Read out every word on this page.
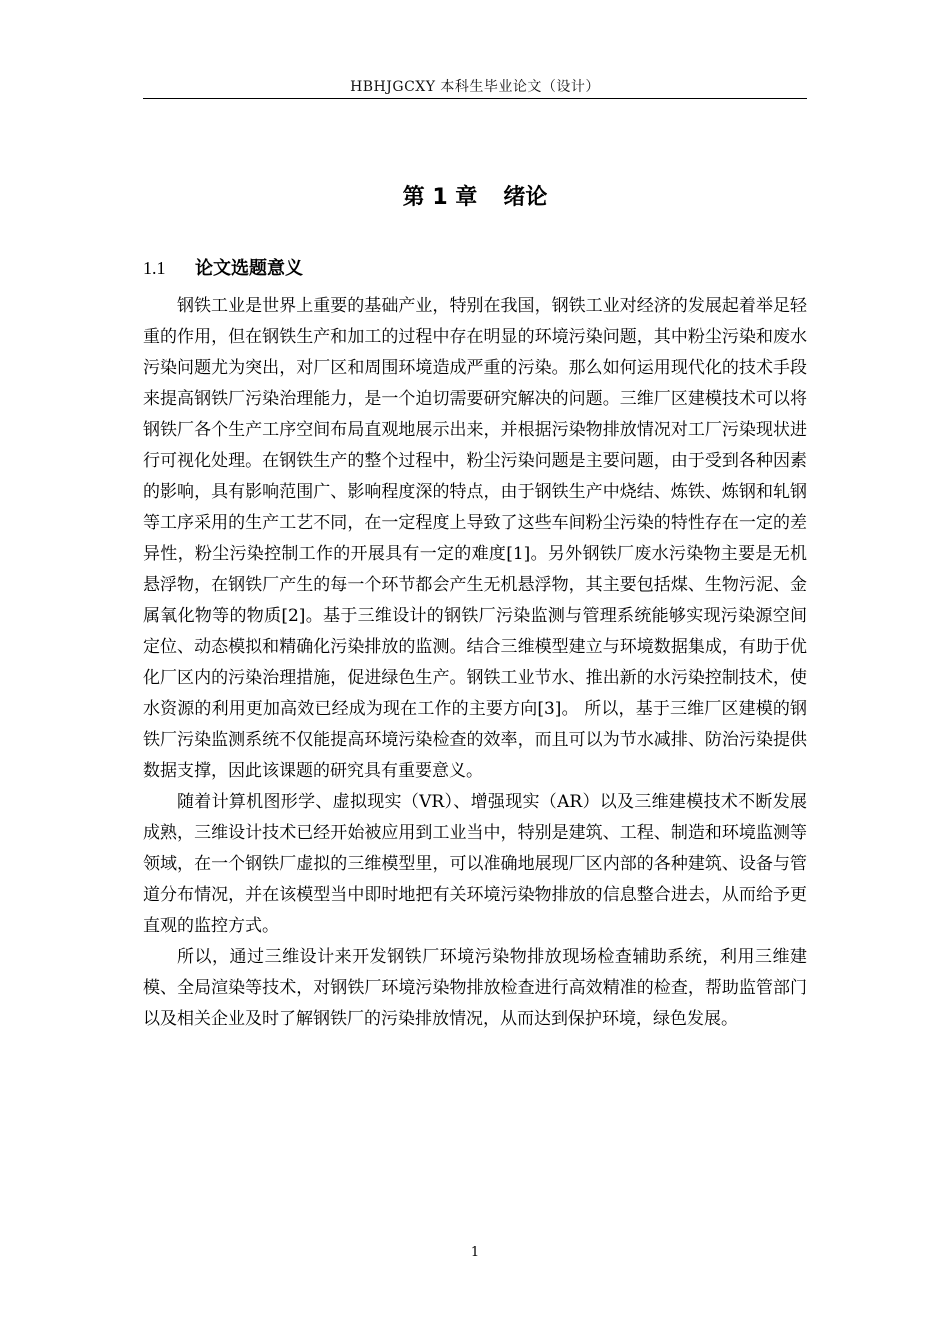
HBHJGCXY 本科生毕业论文（设计）
第 1 章 绪论
1.1 论文选题意义

钢铁工业是世界上重要的基础产业，特别在我国，钢铁工业对经济的发展起着举足轻重的作用，但在钢铁生产和加工的过程中存在明显的环境污染问题，其中粉尘污染和废水污染问题尤为突出，对厂区和周围环境造成严重的污染。那么如何运用现代化的技术手段来提高钢铁厂污染治理能力，是一个迫切需要研究解决的问题。三维厂区建模技术可以将钢铁厂各个生产工序空间布局直观地展示出来，并根据污染物排放情况对工厂污染现状进行可视化处理。在钢铁生产的整个过程中，粉尘污染问题是主要问题，由于受到各种因素的影响，具有影响范围广、影响程度深的特点，由于钢铁生产中烧结、炼铁、炼钢和轧钢等工序采用的生产工艺不同，在一定程度上导致了这些车间粉尘污染的特性存在一定的差异性，粉尘污染控制工作的开展具有一定的难度[1]。另外钢铁厂废水污染物主要是无机悬浮物，在钢铁厂产生的每一个环节都会产生无机悬浮物，其主要包括煤、生物污泥、金属氧化物等的物质[2]。基于三维设计的钢铁厂污染监测与管理系统能够实现污染源空间定位、动态模拟和精确化污染排放的监测。结合三维模型建立与环境数据集成，有助于优化厂区内的污染治理措施，促进绿色生产。钢铁工业节水、推出新的水污染控制技术，使水资源的利用更加高效已经成为现在工作的主要方向[3]。 所以，基于三维厂区建模的钢铁厂污染监测系统不仅能提高环境污染检查的效率，而且可以为节水减排、防治污染提供数据支撑，因此该课题的研究具有重要意义。

随着计算机图形学、虚拟现实（VR）、增强现实（AR）以及三维建模技术不断发展成熟，三维设计技术已经开始被应用到工业当中，特别是建筑、工程、制造和环境监测等领域，在一个钢铁厂虚拟的三维模型里，可以准确地展现厂区内部的各种建筑、设备与管道分布情况，并在该模型当中即时地把有关环境污染物排放的信息整合进去，从而给予更直观的监控方式。

所以，通过三维设计来开发钢铁厂环境污染物排放现场检查辅助系统，利用三维建模、全局渲染等技术，对钢铁厂环境污染物排放检查进行高效精准的检查，帮助监管部门以及相关企业及时了解钢铁厂的污染排放情况，从而达到保护环境，绿色发展。

1
